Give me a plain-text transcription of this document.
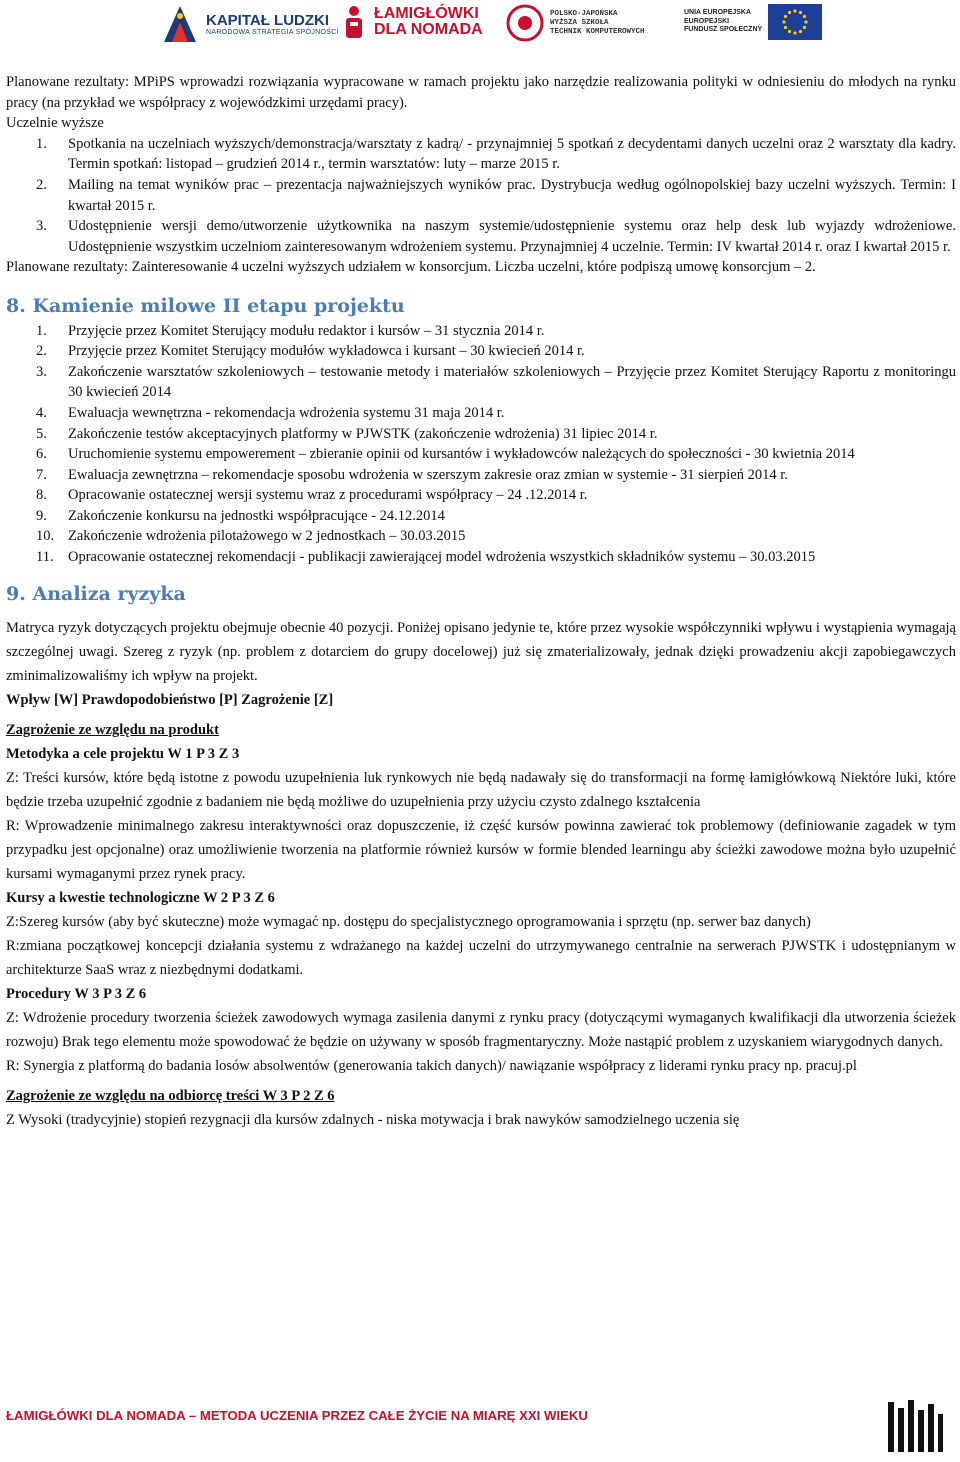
KAPITAŁ LUDZKI
NARODOWA STRATEGIA SPÓJNOŚCI
ŁAMIGŁÓWKI
DLA NOMADA
POLSKO-JAPOŃSKA
WYŻSZA SZKOŁA
TECHNIK KOMPUTEROWYCH
UNIA EUROPEJSKA
EUROPEJSKI
FUNDUSZ SPOŁECZNY

Planowane rezultaty: MPiPS wprowadzi rozwiązania wypracowane w ramach projektu jako narzędzie realizowania polityki w odniesieniu do młodych na rynku pracy (na przykład we współpracy z wojewódzkimi urzędami pracy).

Uczelnie wyższe

1.	Spotkania na uczelniach wyższych/demonstracja/warsztaty z kadrą/ - przynajmniej 5 spotkań z decydentami danych uczelni oraz 2 warsztaty dla kadry. Termin spotkań: listopad – grudzień 2014 r., termin warsztatów: luty – marze 2015 r.
2.	Mailing na temat wyników prac – prezentacja najważniejszych wyników prac. Dystrybucja według ogólnopolskiej bazy uczelni wyższych. Termin: I kwartał 2015 r.
3.	Udostępnienie wersji demo/utworzenie użytkownika na naszym systemie/udostępnienie systemu oraz help desk lub wyjazdy wdrożeniowe. Udostępnienie wszystkim uczelniom zainteresowanym wdrożeniem systemu. Przynajmniej 4 uczelnie. Termin: IV kwartał 2014 r. oraz I kwartał 2015 r.

Planowane rezultaty: Zainteresowanie 4 uczelni wyższych udziałem w konsorcjum. Liczba uczelni, które podpiszą umowę konsorcjum – 2.

8. Kamienie milowe II etapu projektu
1.	Przyjęcie przez Komitet Sterujący modułu redaktor i kursów – 31 stycznia 2014 r.
2.	Przyjęcie przez Komitet Sterujący modułów wykładowca i kursant – 30 kwiecień 2014 r.
3.	Zakończenie warsztatów szkoleniowych – testowanie metody i materiałów szkoleniowych – Przyjęcie przez Komitet Sterujący Raportu z monitoringu 30 kwiecień 2014
4.	Ewaluacja wewnętrzna - rekomendacja wdrożenia systemu 31 maja 2014 r.
5.	Zakończenie testów akceptacyjnych platformy w PJWSTK (zakończenie wdrożenia) 31 lipiec 2014 r.
6.	Uruchomienie systemu empowerement – zbieranie opinii od kursantów i wykładowców należących do społeczności - 30 kwietnia 2014
7.	Ewaluacja zewnętrzna – rekomendacje sposobu wdrożenia w szerszym zakresie oraz zmian w systemie - 31 sierpień 2014 r.
8.	Opracowanie ostatecznej wersji systemu wraz z procedurami współpracy – 24 .12.2014 r.
9.	Zakończenie konkursu na jednostki współpracujące - 24.12.2014
10. Zakończenie wdrożenia pilotażowego w 2 jednostkach – 30.03.2015
11. Opracowanie ostatecznej rekomendacji - publikacji zawierającej model wdrożenia wszystkich składników systemu – 30.03.2015
9. Analiza ryzyka

Matryca ryzyk dotyczących projektu obejmuje obecnie 40 pozycji. Poniżej opisano jedynie te, które przez wysokie współczynniki wpływu i wystąpienia wymagają szczególnej uwagi. Szereg z ryzyk (np. problem z dotarciem do grupy docelowej) już się zmaterializowały, jednak dzięki prowadzeniu akcji zapobiegawczych zminimalizowaliśmy ich wpływ na projekt.

Wpływ [W] Prawdopodobieństwo [P] Zagrożenie [Z]

Zagrożenie ze względu na produkt

Metodyka a cele projektu W 1 P 3 Z 3

Z: Treści kursów, które będą istotne z powodu uzupełnienia luk rynkowych nie będą nadawały się do transformacji na formę łamigłówkową Niektóre luki, które będzie trzeba uzupełnić zgodnie z badaniem nie będą możliwe do uzupełnienia przy użyciu czysto zdalnego kształcenia

R: Wprowadzenie minimalnego zakresu interaktywności oraz dopuszczenie, iż część kursów powinna zawierać tok problemowy (definiowanie zagadek w tym przypadku jest opcjonalne) oraz umożliwienie tworzenia na platformie również kursów w formie blended learningu aby ścieżki zawodowe można było uzupełnić kursami wymaganymi przez rynek pracy.

Kursy a kwestie technologiczne W 2 P 3 Z 6

Z:Szereg kursów (aby być skuteczne) może wymagać np. dostępu do specjalistycznego oprogramowania i sprzętu (np. serwer baz danych)

R:zmiana początkowej koncepcji działania systemu z wdrażanego na każdej uczelni do utrzymywanego centralnie na serwerach PJWSTK i udostępnianym w architekturze SaaS wraz z niezbędnymi dodatkami.

Procedury W 3 P 3 Z 6

Z: Wdrożenie procedury tworzenia ścieżek zawodowych wymaga zasilenia danymi z rynku pracy (dotyczącymi wymaganych kwalifikacji dla utworzenia ścieżek rozwoju) Brak tego elementu może spowodować że będzie on używany w sposób fragmentaryczny. Może nastąpić problem z uzyskaniem wiarygodnych danych.

R: Synergia z platformą do badania losów absolwentów (generowania takich danych)/ nawiązanie współpracy z liderami rynku pracy np. pracuj.pl

Zagrożenie ze względu na odbiorcę treści W 3 P 2 Z 6

Z Wysoki (tradycyjnie) stopień rezygnacji dla kursów zdalnych - niska motywacja i brak nawyków samodzielnego uczenia się

ŁAMIGŁÓWKI DLA NOMADA – METODA UCZENIA PRZEZ CAŁE ŻYCIE NA MIARĘ XXI WIEKU
